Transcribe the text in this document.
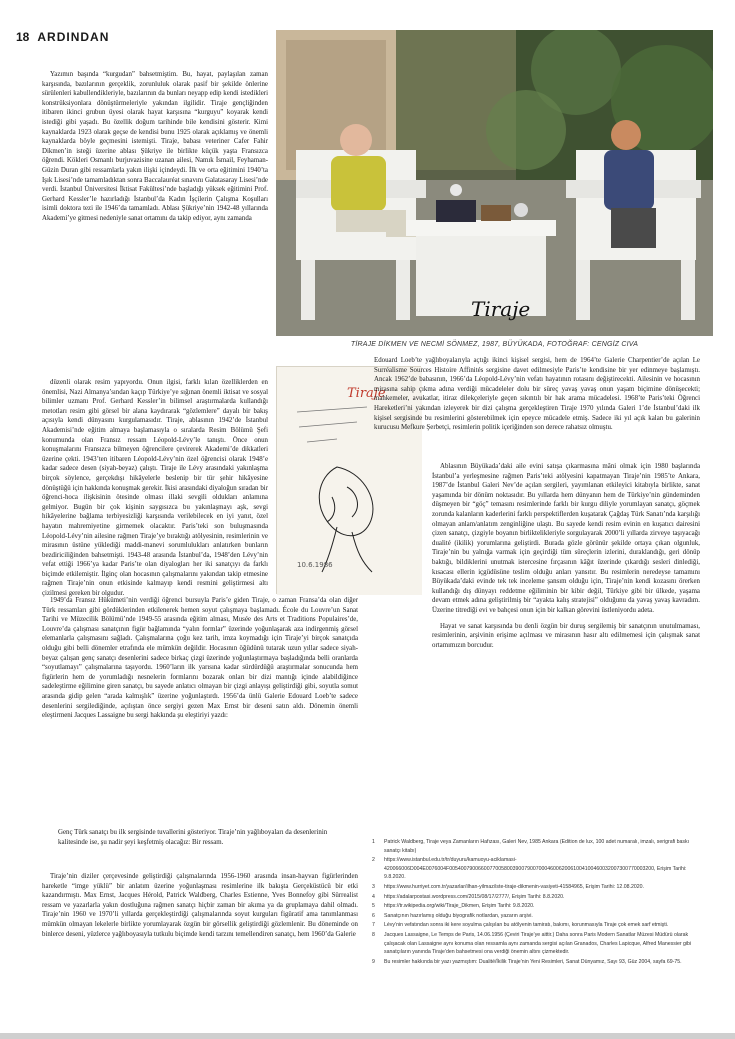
18 ARDINDAN
Tiraje
TİRAJE DİKMEN VE NECMİ SÖNMEZ, 1987, BÜYÜKADA, FOTOĞRAF: CENGİZ CIVA

Yazımın başında “kurgudan” bahsetmiştim. Bu, hayat, paylaşılan zaman karşısında, bazılarının gerçeklik, zorunluluk olarak pasif bir şekilde önlerine sürülenleri kabullendikleriyle, bazılarının da bunları neyapp edip kendi istedikleri konstrüksiyonlara dönüştürmeleriyle yakından ilgilidir. Tiraje gençliğinden itibaren ikinci grubun üyesi olarak hayat karşısına “kurguyu” koyarak kendi istediği gibi yaşadı. Bu özellik doğum tarihinde bile kendisini gösterir. Kimi kaynaklarda 1923 olarak geçse de kendisi bunu 1925 olarak açıklamış ve önemli kaynaklarda böyle geçmesini istemişti. Tiraje, babası veteriner Cafer Fahir Dikmen’in isteği üzerine ablası Şükriye ile birlikte küçük yaşta Fransızca öğrendi. Kökleri Osmanlı burjuvazisine uzanan ailesi, Namık İsmail, Feyhaman-Güzin Duran gibi ressamlarla yakın ilişki içindeydi. İlk ve orta eğitimini 1940’ta Işık Lisesi’nde tamamladıktan sonra Baccalauréat sınavını Galatasaray Lisesi’nde verdi. İstanbul Üniversitesi İktisat Fakültesi’nde başladığı yüksek eğitimini Prof. Gerhard Kessler’le hazırladığı İstanbul’da Kadın İşçilerin Çalışma Koşulları isimli doktora tezi ile 1946’da tamamladı. Ablası Şükriye’nin 1942-48 yıllarında Akademi’ye gitmesi nedeniyle sanat ortamını da takip ediyor, aynı zamanda

düzenli olarak resim yapıyordu. Onun ilgisi, farklı kılan özelliklerden en önemlisi, Nazi Almanya’sından kaçıp Türkiye’ye sığınan önemli iktisat ve sosyal bilimler uzmanı Prof. Gerhard Kessler’in bilimsel araştırmalarda kullandığı metotları resim gibi görsel bir alana kaydırarak “gözlemlere” dayalı bir bakış açısıyla kendi dünyasını kurgulamasıdır. Tiraje, ablasının 1942’de İstanbul Akademisi’nde eğitim almaya başlamasıyla o sıralarda Resim Bölümü Şefi konumunda olan Fransız ressam Léopold-Lévy’le tanıştı. Önce onun konuşmalarını Fransızca bilmeyen öğrencilere çevirerek Akademi’de dikkatleri üzerine çekti. 1943’ten itibaren Léopold-Lévy’nin özel öğrencisi olarak 1948’e kadar sadece desen (siyah-beyaz) çalıştı. Tiraje ile Lévy arasındaki yakınlaşma birçok söylence, gerçekdışı hikâyelerle beslenip bir tür şehir hikâyesine dönüştüğü için hakkında konuşmak gerekir. İkisi arasındaki diyaloğun sıradan bir öğrenci-hoca ilişkisinin ötesinde olması illaki sevgili oldukları anlamına gelmiyor. Bugün bir çok kişinin saygısızca bu yakınlaşmayı aşk, sevgi hikâyelerine bağlama terbiyesizliği karşısında verilebilecek en iyi yanıt, özel hayatın mahremiyetine girmemek olacaktır. Paris’teki son buluşmasında Léopold-Lévy’nin ailesine rağmen Tiraje’ye bıraktığı atölyesinin, resimlerinin ve mirasının üstüne yüklediği maddi-manevi sorumlulukları anlatırken bunların bezdiriciliğinden bahsetmişti. 1943-48 arasında İstanbul’da, 1948’den Lévy’nin vefat ettiği 1966’ya kadar Paris’te olan diyalogları her iki sanatçıyı da farklı biçimde etkilemiştir. İlginç olan hocasının çalışmalarını yakından takip etmesine rağmen Tiraje’nin onun etkisinde kalmayıp kendi resmini geliştirmesi altı çizilmesi gereken bir olgudur.

Tiraje
10.6.1986

Edouard Loeb’te yağlıboyalarıyla açtığı ikinci kişisel sergisi, hem de 1964’te Galerie Charpentier’de açılan Le Surréalisme Sources Histoire Affinités sergisine davet edilmesiyle Paris’te kendisine bir yer edinmeye başlamıştı. Ancak 1962’de babasının, 1966’da Léopold-Lévy’nin vefatı hayatının rotasını değiştirecekti. Ailesinin ve hocasının mirasına sahip çıkma adına verdiği mücadeleler dolu bir süreç yavaş yavaş onun yaşam biçimine dönüşecekti; mahkemeler, avukatlar, itiraz dilekçeleriyle geçen sıkıntılı bir hak arama mücadelesi. 1968’te Paris’teki Öğrenci Hareketleri’ni yakından izleyerek bir dizi çalışma gerçekleştiren Tiraje 1970 yılında Galeri 1’de İstanbul’daki ilk kişisel sergisinde bu resimlerini gösterebilmek için epeyce mücadele etmiş. Sadece iki yıl açık kalan bu galerinin kurucusu Mefkure Şerbetçi, resimlerin politik içeriğinden son derece rahatsız olmuştu.

Ablasının Büyükada’daki aile evini satışa çıkarmasına mâni olmak için 1980 başlarında İstanbul’a yerleşmesine rağmen Paris’teki atölyesini kapatmayan Tiraje’nin 1985’te Ankara, 1987’de İstanbul Galeri Nev’de açılan sergileri, yayımlanan etkileyici kitabıyla birlikte, sanat yaşamında bir dönüm noktasıdır. Bu yıllarda hem dünyanın hem de Türkiye’nin gündeminden düşmeyen bir “göç” temasını resimlerinde farklı bir kurgu diliyle yorumlayan sanatçı, göçmek zorunda kalanların kaderlerini farklı perspektiflerden kuşatarak Çağdaş Türk Sanatı’nda karşılığı olmayan anlam/anlatım zenginliğine ulaştı. Bu sayede kendi resim evinin en kuşatıcı dairesini çizen sanatçı, çizgiyle boyanın birliktelikleriyle sorgulayarak 2000’li yıllarda zirveye taşıyacağı dualité (ikilik) yorumlarına geliştirdi. Burada gözle görünür şekilde ortaya çıkan olgunluk, Tiraje’nin bu yalnığa varmak için geçirdiği tüm süreçlerin izlerini, duraklandığı, geri dönüp baktığı, bildiklerini unutmak istercesine fırçasının kâğıt üzerinde çıkardığı sesleri dinlediği, kısacası ellerin içgüdüsüne teslim olduğu anları yansıtır. Bu resimlerin neredeyse tamamını Büyükada’daki evinde tek tek inceleme şansım olduğu için, Tiraje’nin kendi kozasını örerken kullandığı dış dünyayı reddetme eğiliminin bir kibir değil, Türkiye gibi bir ülkede, yaşama devam etmek adına geliştirilmiş bir “ayakta kalış stratejisi” olduğunu da yavaş yavaş kavradım. Üzerine titrediği evi ve bahçesi onun için bir kalkan görevini üstleniyordu adeta.

Hayat ve sanat karşısında bu denli özgün bir duruş sergilemiş bir sanatçının unutulmaması, resimlerinin, arşivinin erişime açılması ve mirasının hasır altı edilmemesi için çalışmak sanat ortamımızın borcudur.

1949’da Fransız Hükümeti’nin verdiği öğrenci bursuyla Paris’e giden Tiraje, o zaman Fransa’da olan diğer Türk ressamları gibi gördüklerinden etkilenerek hemen soyut çalışmaya başlamadı. École du Louvre’un Sanat Tarihi ve Müzecilik Bölümü’nde 1949-55 arasında eğitim alması, Musée des Arts et Traditions Populaires’de, Louvre’da çalışması sanatçının figür bağlamında “yalın formlar” üzerinde yoğunlaşarak aza indirgenmiş görsel elemanlarla çalışmasını sağladı. Çalışmalarına çoğu kez tarih, imza koymadığı için Tiraje’yi birçok sanatçıda olduğu gibi belli dönemler etrafında ele mümkün değildir. Hocasının öğüdünü tutarak uzun yıllar sadece siyah-beyaz çalışan genç sanatçı desenlerini sadece birkaç çizgi üzerinde yoğunlaştırmaya başladığında belli oranlarda “soyutlamayı” çalışmalarına taşıyordu. 1960’ların ilk yarısına kadar sürdürdüğü araştırmalar sonucunda hem figürlerin hem de yorumladığı nesnelerin formlarını bozarak onları bir dizi mantığı içinde alabildiğince sadeleştirme eğilimine giren sanatçı, bu sayede anlatıcı olmayan bir çizgi anlayışı geliştirdiği gibi, soyutla somut arasında gidip gelen “arada kalmışlık” üzerine yoğunlaştırdı. 1956’da ünlü Galerie Edouard Loeb’te sadece desenlerini sergilediğinde, açılıştan önce sergiyi gezen Max Ernst bir deseni satın aldı. Dönemin önemli eleştirmeni Jacques Lassaigne bu sergi hakkında şu eleştiriyi yazdı:

Genç Türk sanatçı bu ilk sergisinde tuvallerini gösteriyor. Tiraje’nin yağlıboyaları da desenlerinin kalitesinde ise, şu nadir şeyi keşfetmiş olacağız: Bir ressam.

Tiraje’nin diziler çerçevesinde geliştirdiği çalışmalarında 1956-1960 arasında insan-hayvan figürlerinden hareketle “imge yüklü” bir anlatım üzerine yoğunlaşması resimlerine ilk bakışta Gerçeküstücü bir etki kazandırmıştı. Max Ernst, Jacques Hérold, Patrick Waldberg, Charles Estienne, Yves Bonnefoy gibi Sürrealist ressam ve yazarlarla yakın dostluğuna rağmen sanatçı hiçbir zaman bir akıma ya da gruplamaya dahil olmadı. Tiraje’nin 1960 ve 1970’li yıllarda gerçekleştirdiği çalışmalarında soyut kurguları figüratif ama tanımlanması mümkün olmayan lekelerle birlikte yorumlayarak özgün bir görsellik geliştirdiği gözlemlenir. Bu döneminde on binlerce deseni, yüzlerce yağlıboyasıyla tutkulu biçimde kendi tarzını temellendiren sanatçı, hem 1960’da Galerie

1	Patrick Waldberg, Tiraje veya Zamanların Hafızası, Galeri Nev, 1985 Ankara (Edition de lux, 100 adet numaralı, imzalı, serigrafi baskı sanatçı kitabı)
2	https://www.istanbul.edu.tr/tr/duyuru/kamuoyu-aciklamasi-420066006D004E0076004F00540079006600770058003900790070004600620061004100460032007300770003200, Erişim Tarihi: 9.8.2020.
3	https://www.hurriyet.com.tr/yazarlar/ilhan-yilmaz/iste-tiraje-dikmenin-vasiyeti-41584965, Erişim Tarihi: 12.08.2020.
4	https://adalarpostasi.wordpress.com/2015/08/17/2777/, Erişim Tarihi: 8.8.2020.
5	https://tr.wikipedia.org/wiki/Tiraje_Dikmen, Erişim Tarihi: 9.8.2020.
6	Sanatçının hazırlamış olduğu biyografik notlardan, yazarın arşivi.
7	Lévy’nin vefatından sonra iki kere soyulma çalışılan bu atölyenin tamiratı, bakımı, korunmasıyla Tiraje çok emek sarf etmişti.
8	Jacques Lassaigne, Le Temps de Paris, 14.06.1956 (Çeviri Tiraje’ye aittir.) Daha sonra Paris Modern Sanatlar Müzesi Müdürü olarak çalışacak olan Lassaigne aynı konuma olan ressamla aynı zamanda sergisi açılan Granados, Charles Lapicque, Alfred Manessier gibi sanatçıların yanında Tiraje’den bahsetmesi ona verdiği önemin altını çizmektedir.
9	Bu resimler hakkında bir yazı yazmıştım: Dualité/İkilik Tiraje’nin Yeni Resimleri, Sanat Dünyamız, Sayı 93, Güz 2004, sayfa 69-75.
